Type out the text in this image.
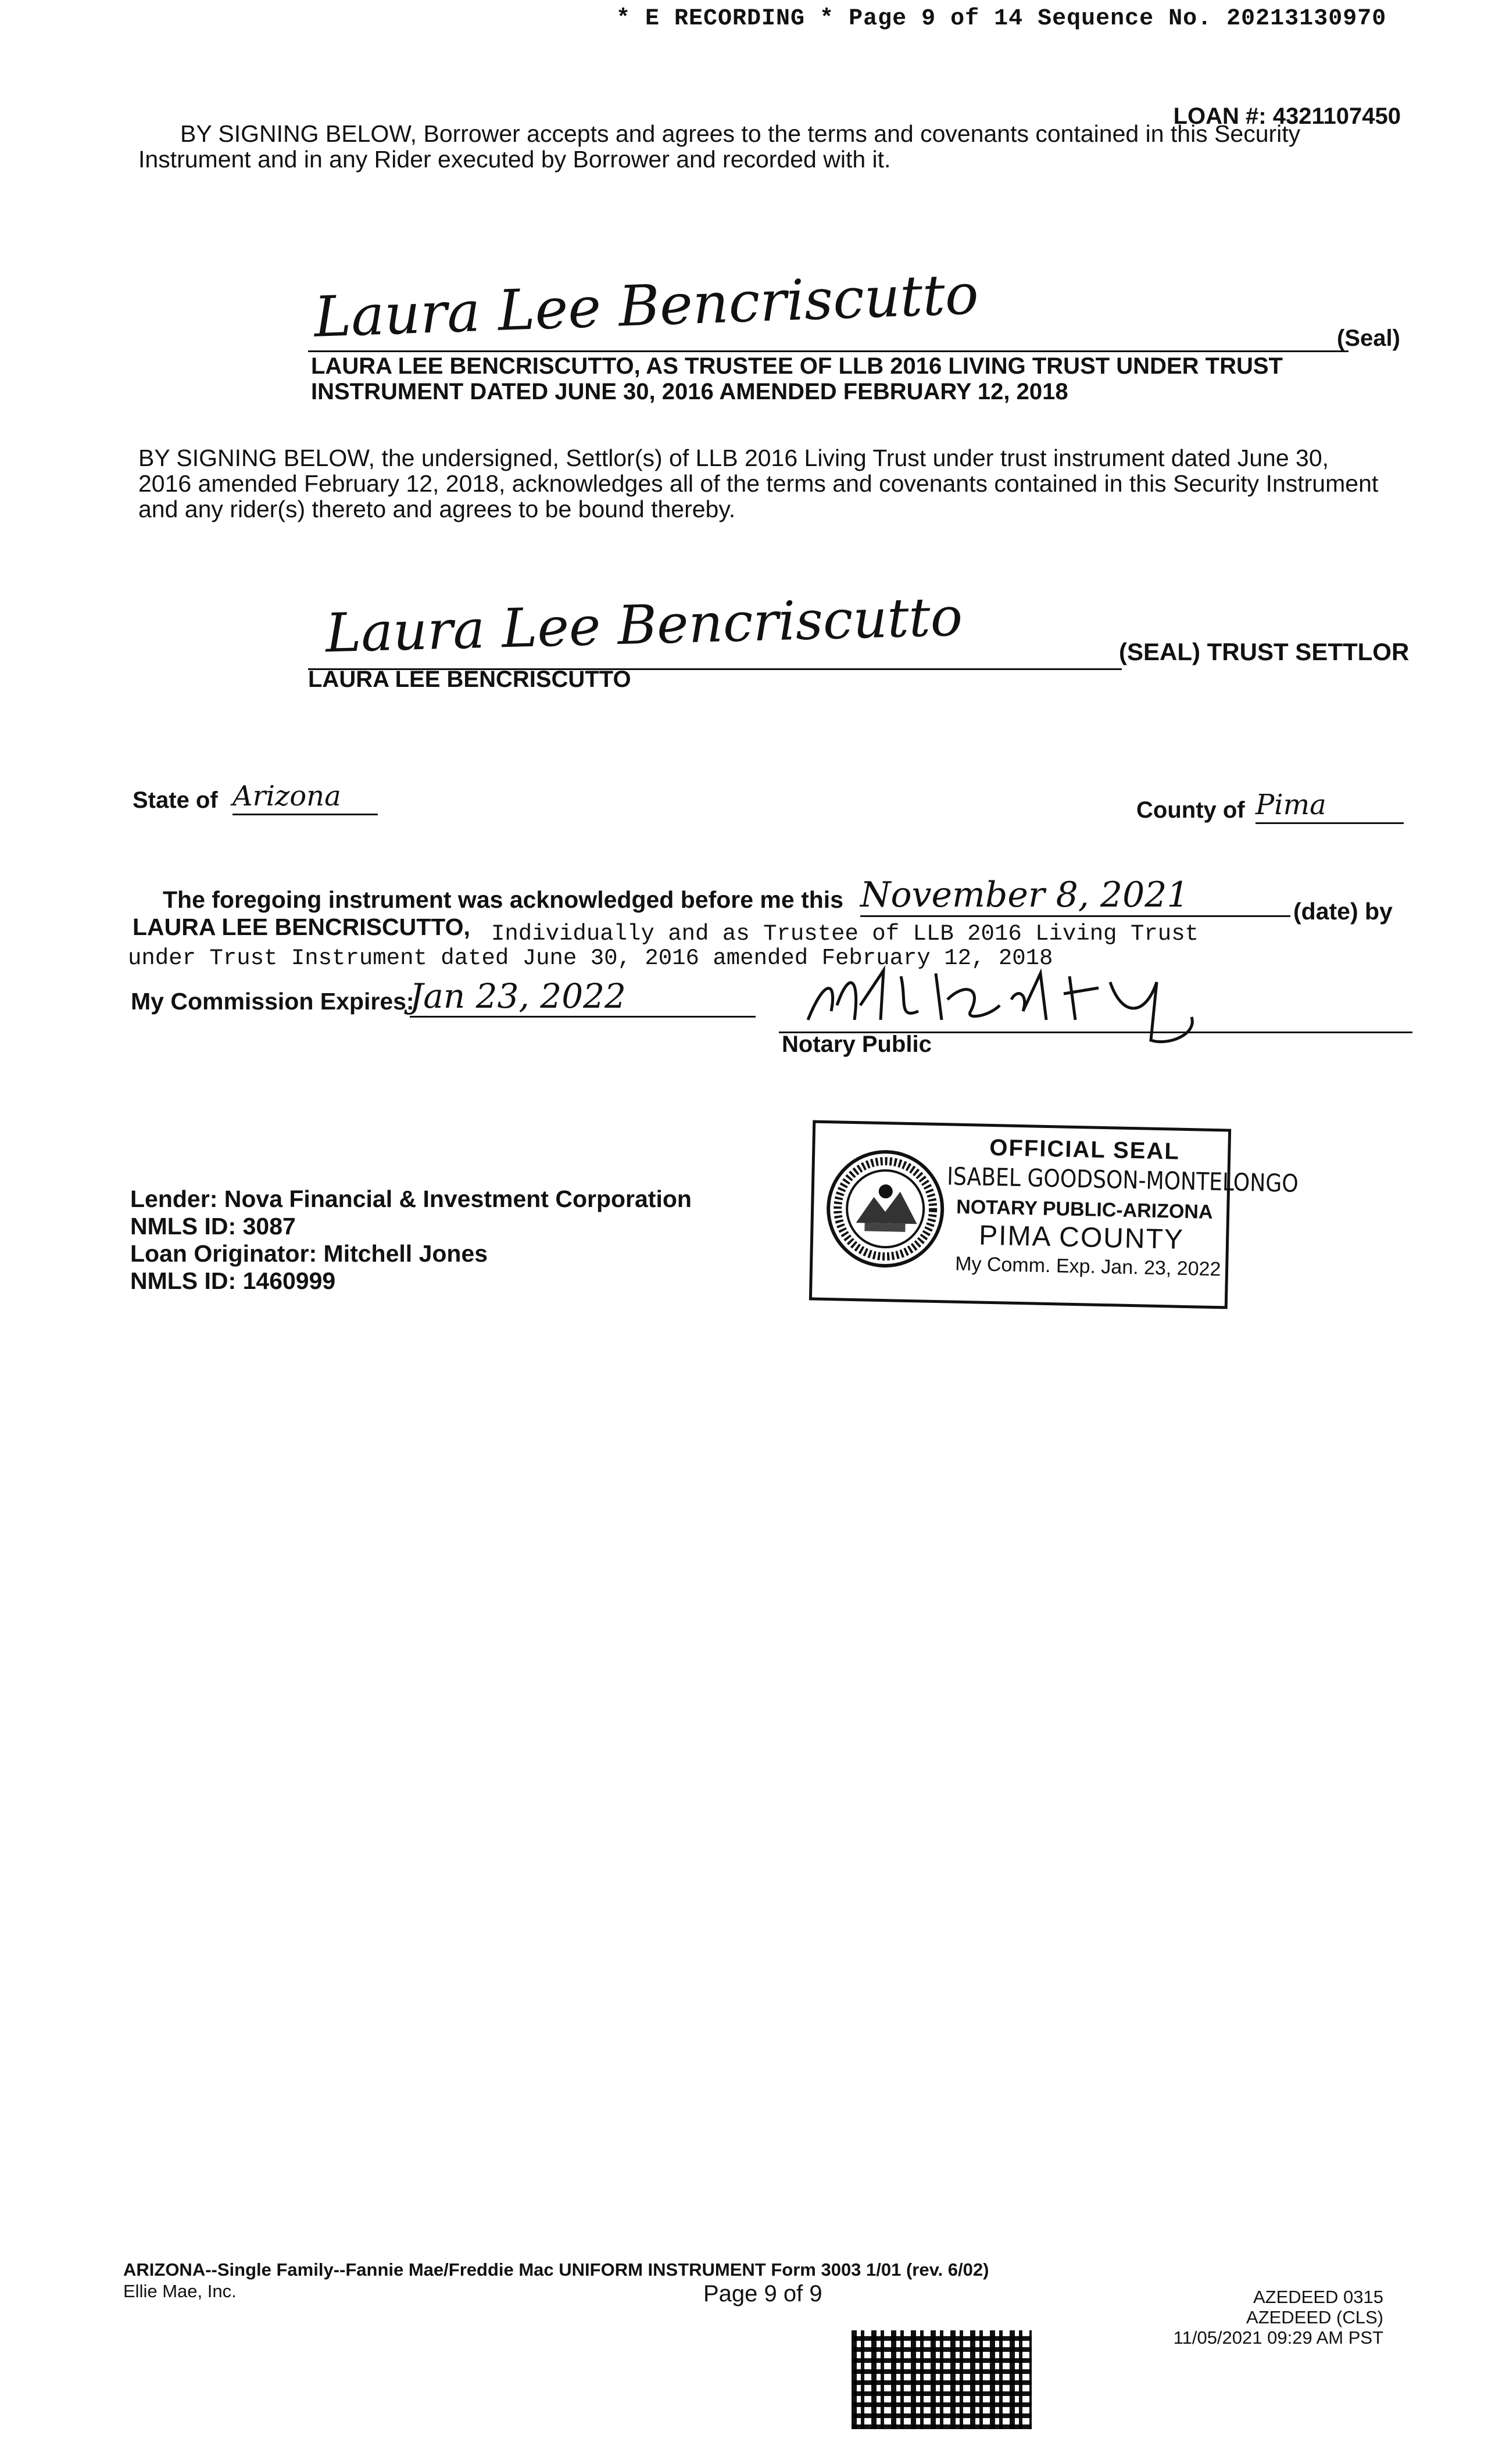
* E RECORDING * Page 9 of 14 Sequence No. 20213130970
LOAN #: 4321107450
BY SIGNING BELOW, Borrower accepts and agrees to the terms and covenants contained in this Security
Instrument and in any Rider executed by Borrower and recorded with it.
Laura Lee Bencriscutto	(Seal)
LAURA LEE BENCRISCUTTO, AS TRUSTEE OF LLB 2016 LIVING TRUST UNDER TRUST
INSTRUMENT DATED JUNE 30, 2016 AMENDED FEBRUARY 12, 2018
BY SIGNING BELOW, the undersigned, Settlor(s) of LLB 2016 Living Trust under trust instrument dated June 30,
2016 amended February 12, 2018, acknowledges all of the terms and covenants contained in this Security Instrument
and any rider(s) thereto and agrees to be bound thereby.
Laura Lee Bencriscutto	(SEAL) TRUST SETTLOR
LAURA LEE BENCRISCUTTO
State of Arizona	County of Pima
The foregoing instrument was acknowledged before me this November 8, 2021	(date) by
LAURA LEE BENCRISCUTTO, Individually and as Trustee of LLB 2016 Living Trust
under Trust Instrument dated June 30, 2016 amended February 12, 2018
My Commission Expires:
Jan 23, 2022
Notary Public
OFFICIAL SEAL
ISABEL GOODSON-MONTELONGO
NOTARY PUBLIC-ARIZONA
PIMA COUNTY
My Comm. Exp. Jan. 23, 2022
Lender: Nova Financial & Investment Corporation
NMLS ID: 3087
Loan Originator: Mitchell Jones
NMLS ID: 1460999
ARIZONA--Single Family--Fannie Mae/Freddie Mac UNIFORM INSTRUMENT Form 3003 1/01 (rev. 6/02)
Ellie Mae, Inc.	Page 9 of 9	AZEDEED 0315
AZEDEED (CLS)
11/05/2021 09:29 AM PST
